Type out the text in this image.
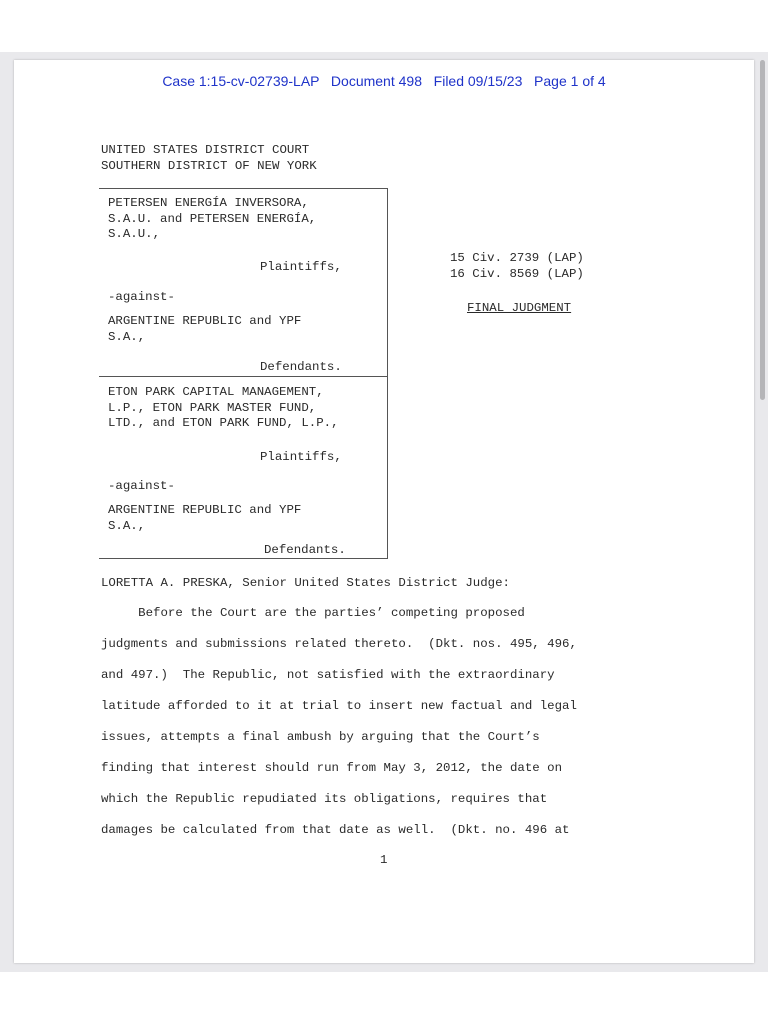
Case 1:15-cv-02739-LAP   Document 498   Filed 09/15/23   Page 1 of 4
UNITED STATES DISTRICT COURT
SOUTHERN DISTRICT OF NEW YORK
PETERSEN ENERGÍA INVERSORA,
S.A.U. and PETERSEN ENERGÍA,
S.A.U.,
Plaintiffs,
-against-
ARGENTINE REPUBLIC and YPF
S.A.,
Defendants.
ETON PARK CAPITAL MANAGEMENT,
L.P., ETON PARK MASTER FUND,
LTD., and ETON PARK FUND, L.P.,
Plaintiffs,
-against-
ARGENTINE REPUBLIC and YPF
S.A.,
Defendants.
15 Civ. 2739 (LAP)
16 Civ. 8569 (LAP)
FINAL JUDGMENT
LORETTA A. PRESKA, Senior United States District Judge:
Before the Court are the parties’ competing proposed
judgments and submissions related thereto.  (Dkt. nos. 495, 496,
and 497.)  The Republic, not satisfied with the extraordinary
latitude afforded to it at trial to insert new factual and legal
issues, attempts a final ambush by arguing that the Court’s
finding that interest should run from May 3, 2012, the date on
which the Republic repudiated its obligations, requires that
damages be calculated from that date as well.  (Dkt. no. 496 at
1
